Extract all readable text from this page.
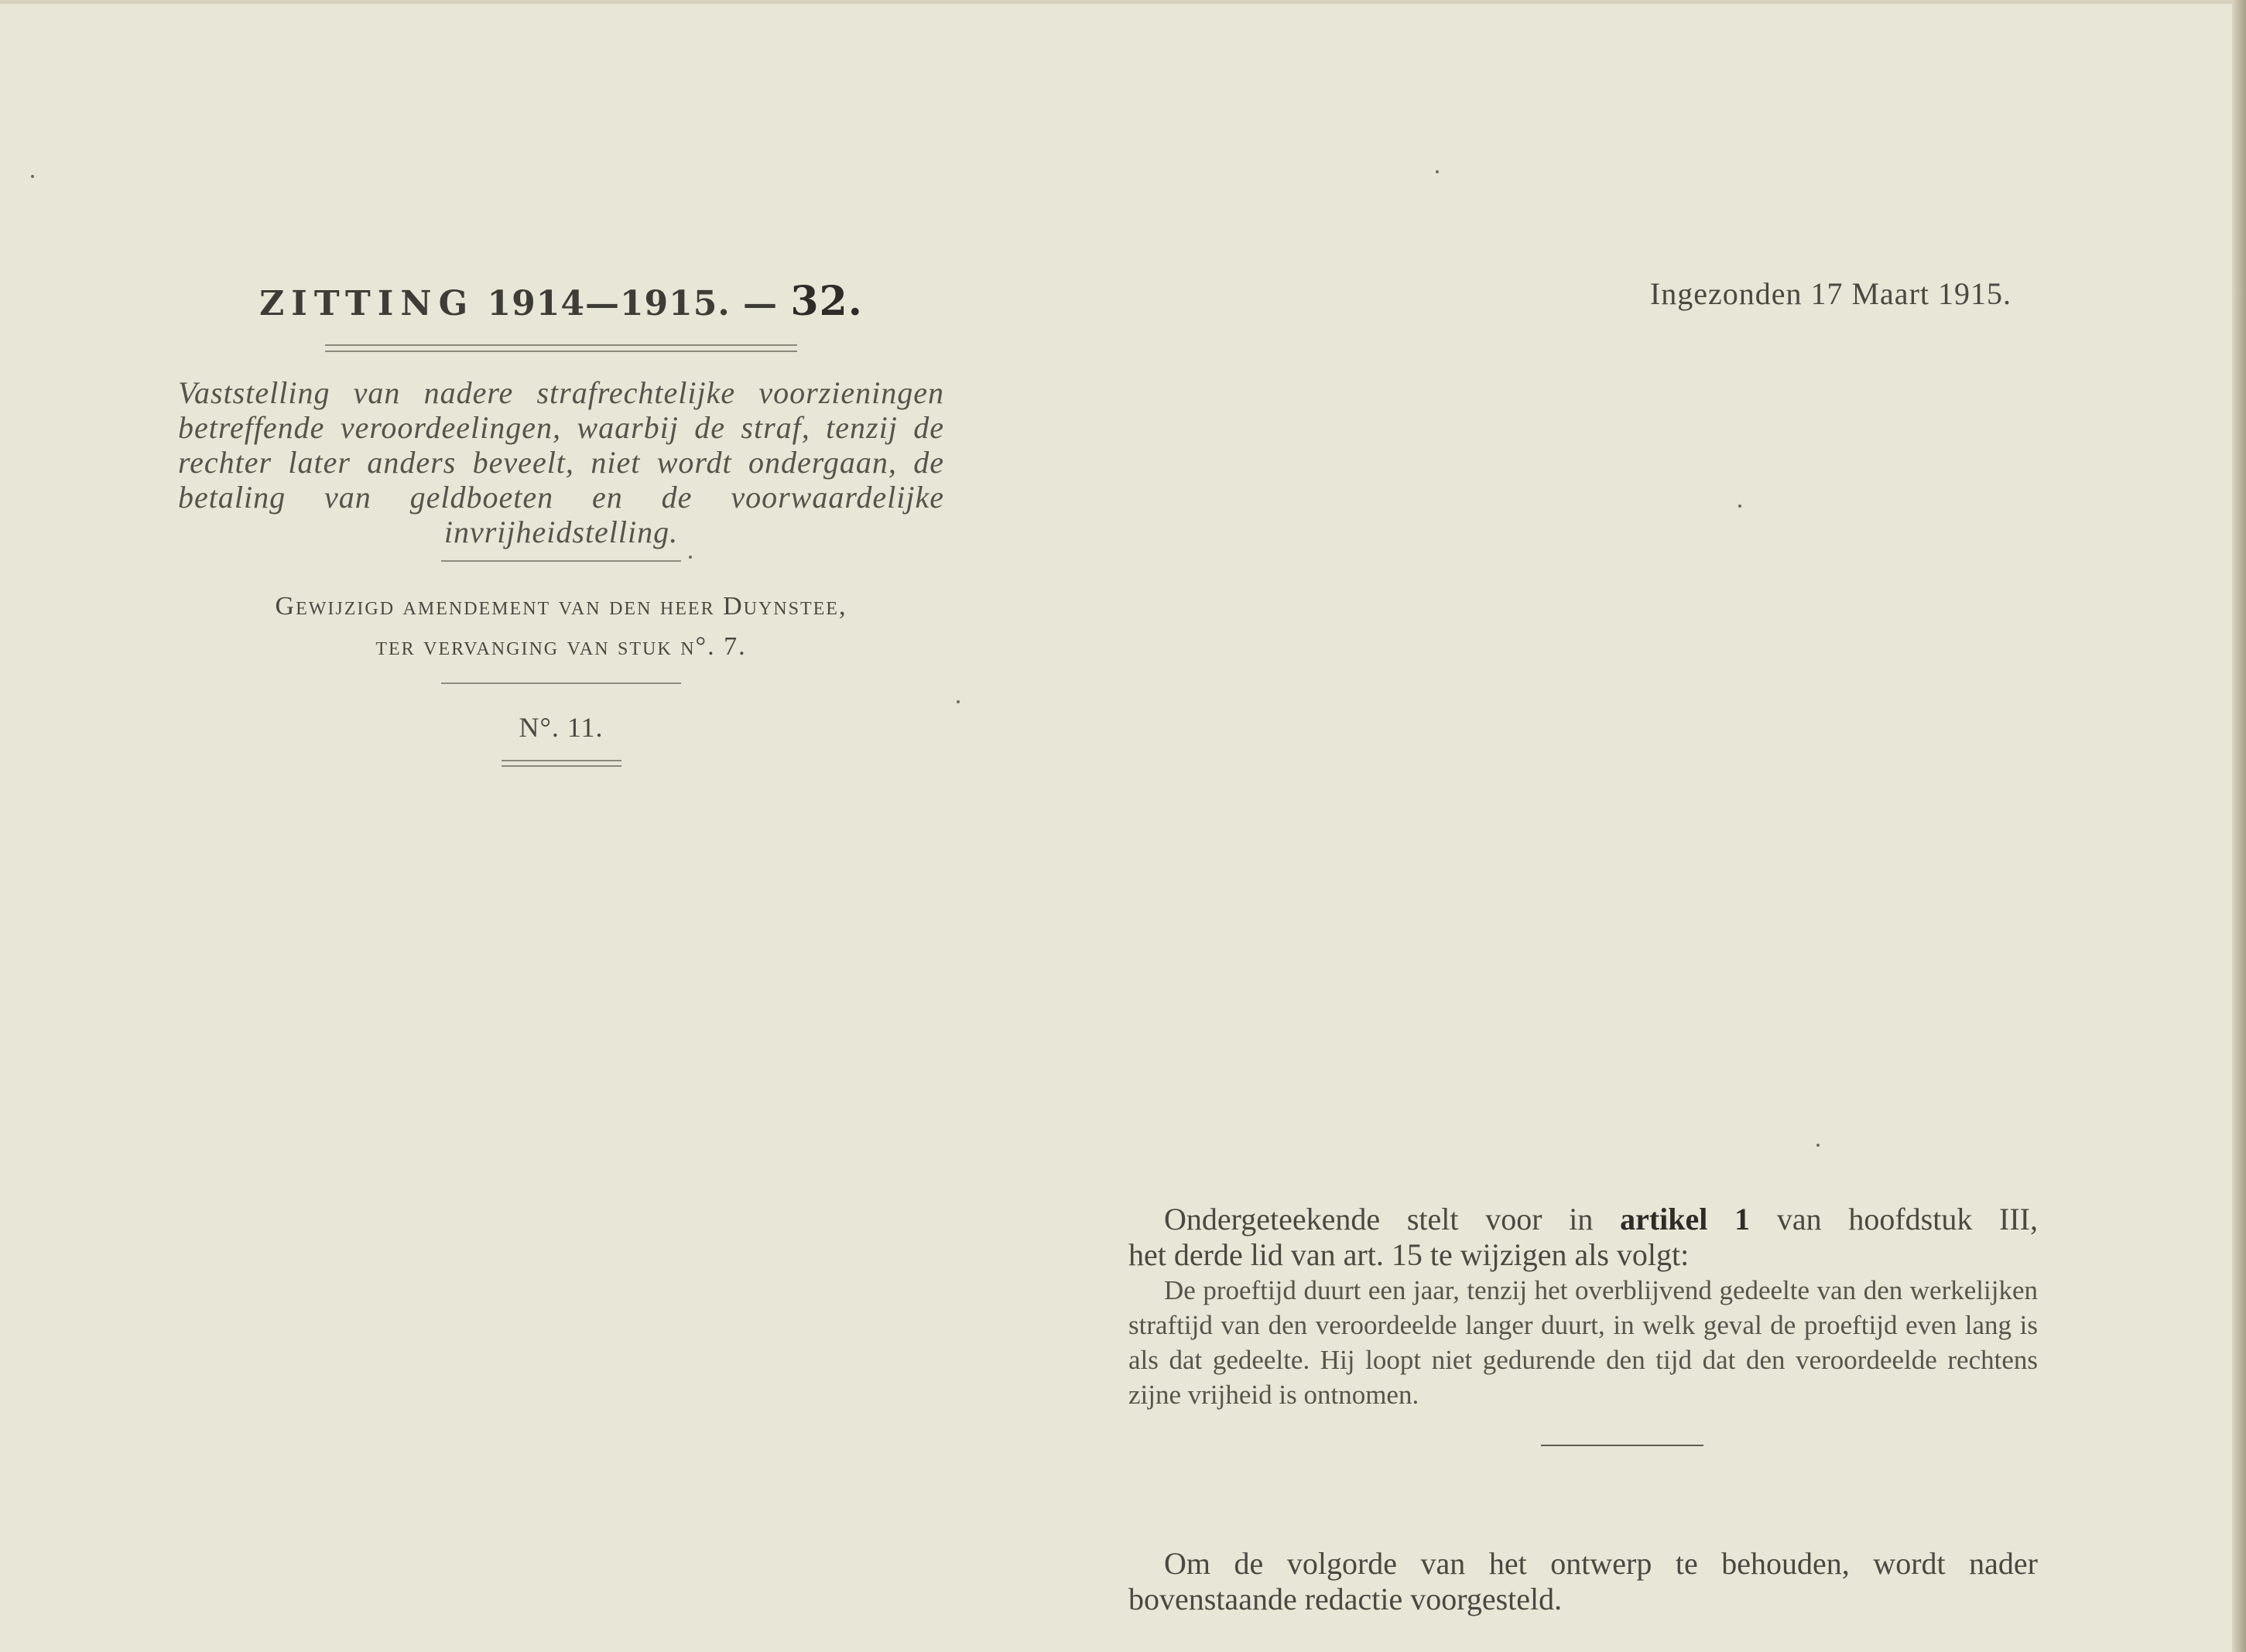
ZITTING 1914—1915. — 32.

Vaststelling van nadere strafrechtelijke voorzieningen betreffende veroordeelingen, waarbij de straf, tenzij de rechter later anders beveelt, niet wordt ondergaan, de betaling van geldboeten en de voorwaardelijke invrijheidstelling.

Gewijzigd amendement van den heer Duynstee,
ter vervanging van stuk n°. 7.
N°. 11.
Ingezonden 17 Maart 1915.

Ondergeteekende stelt voor in artikel 1 van hoofdstuk III,

het derde lid van art. 15 te wijzigen als volgt:

De proeftijd duurt een jaar, tenzij het overblijvend gedeelte van den werkelijken straftijd van den veroordeelde langer duurt, in welk geval de proeftijd even lang is als dat gedeelte. Hij loopt niet gedurende den tijd dat den veroordeelde rechtens zijne vrijheid is ontnomen.

Om de volgorde van het ontwerp te behouden, wordt nader bovenstaande redactie voorgesteld.
